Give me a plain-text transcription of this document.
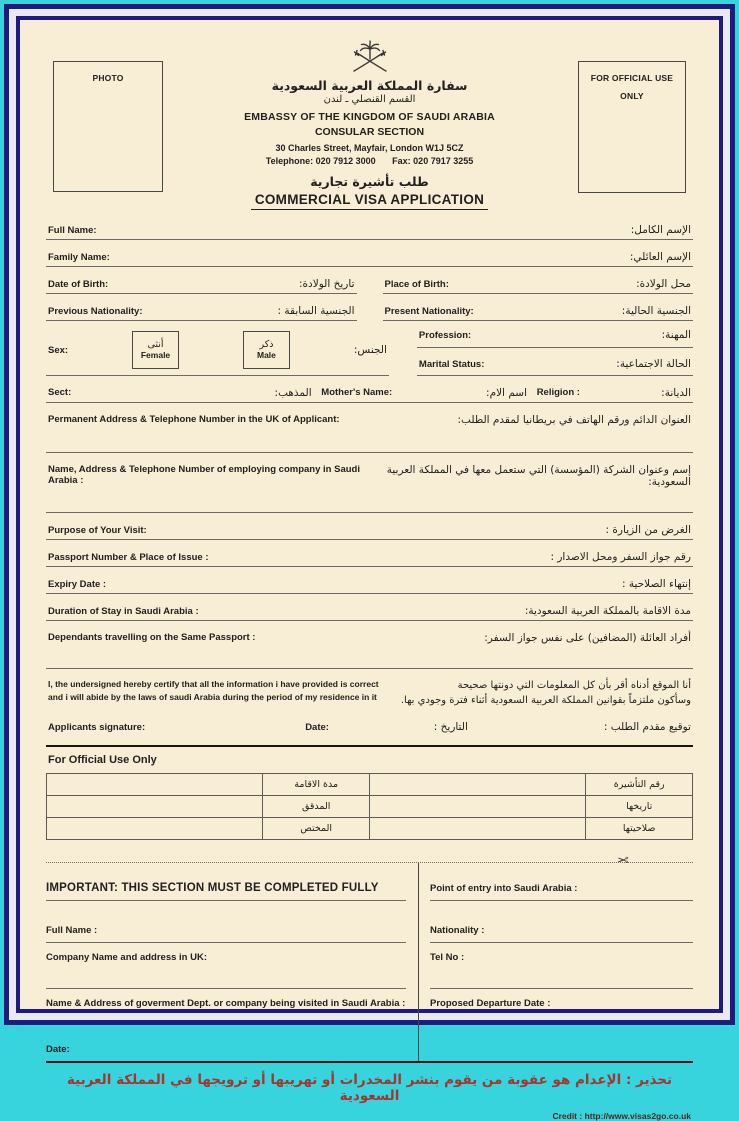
PHOTO	FOR OFFICIAL USE ONLY
سفارة المملكة العربية السعودية
القسم القنصلي ـ لندن
EMBASSY OF THE KINGDOM OF SAUDI ARABIA
CONSULAR SECTION
30 Charles Street, Mayfair, London W1J 5CZ
Telephone: 020 7912 3000 Fax: 020 7917 3255
طلب تأشيرة تجارية
COMMERCIAL VISA APPLICATION
Full Name:	الإسم الكامل:
Family Name:	الإسم العائلي:
Date of Birth:	تاريخ الولادة:	Place of Birth:	محل الولادة:
Previous Nationality:	الجنسية السابقة :	Present Nationality:	الجنسية الحالية:
Sex:
أنثى
Female
ذكر
Male	الجنس:
Profession:	المهنة:
Marital Status:	الحالة الاجتماعية:
Sect:	المذهب: Mother's Name:	اسم الام: Religion :	الديانة:
Permanent Address & Telephone Number in the UK of Applicant:	العنوان الدائم ورقم الهاتف في بريطانيا لمقدم الطلب:
Name, Address & Telephone Number of employing company in Saudi Arabia :
إسم وعنوان الشركة (المؤسسة) التي ستعمل معها في المملكة العربية السعودية:
Purpose of Your Visit:	الغرض من الزيارة :
Passport Number & Place of Issue :	رقم جواز السفر ومحل الاصدار :
Expiry Date :	إنتهاء الصلاحية :
Duration of Stay in Saudi Arabia :	مدة الاقامة بالمملكة العربية السعودية:
Dependants travelling on the Same Passport :	أفراد العائلة (المضافين) على نفس جواز السفر:
I, the undersigned hereby certify that all the information i have provided is correct
and i will abide by the laws of saudi Arabia during the period of my residence in it
أنا الموقع أدناه أقر بأن كل المعلومات التي دونتها صحيحة
وسأكون ملتزماً بقوانين المملكة العربية السعودية أثناء فترة وجودي بها.
Applicants signature:	Date:	التاريخ :	توقيع مقدم الطلب :
For Official Use Only
	مدة الاقامة		رقم التأشيرة
	المدقق		تاريخها
	المختص		صلاحيتها
✂
IMPORTANT: THIS SECTION MUST BE COMPLETED FULLY
Full Name :
Company Name and address in UK:
Name & Address of goverment Dept. or company being visited in Saudi Arabia :
Date:
Point of entry into Saudi Arabia :
Nationality :
Tel No :
Proposed Departure Date :
تحذير : الإعدام هو عقوبة من يقوم بنشر المخدرات أو تهريبها أو ترويجها في المملكة العربية السعودية
Credit : http://www.visas2go.co.uk
